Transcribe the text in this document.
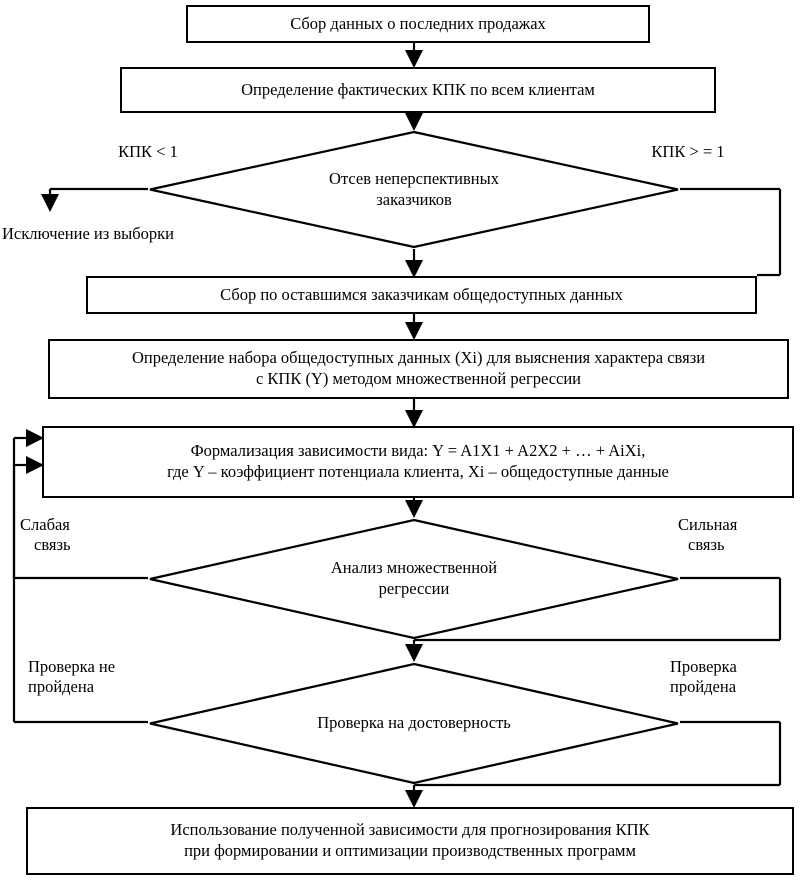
Сбор данных о последних продажах
Определение фактических КПК по всем клиентам
Отсев неперспективных
заказчиков
Сбор по оставшимся заказчикам общедоступных данных
Определение набора общедоступных данных (Xi) для выяснения характера связи
с КПК (Y) методом множественной регрессии
Формализация зависимости вида: Y = A1X1 + A2X2 + … + AiXi,
где Y – коэффициент потенциала клиента, Xi – общедоступные данные
Анализ множественной
регрессии
Проверка на достоверность
Использование полученной зависимости для прогнозирования КПК
при формировании и оптимизации производственных программ
КПК < 1	КПК > = 1
Исключение из выборки
Слабая
связь
Сильная
связь
Проверка не
пройдена
Проверка
пройдена
